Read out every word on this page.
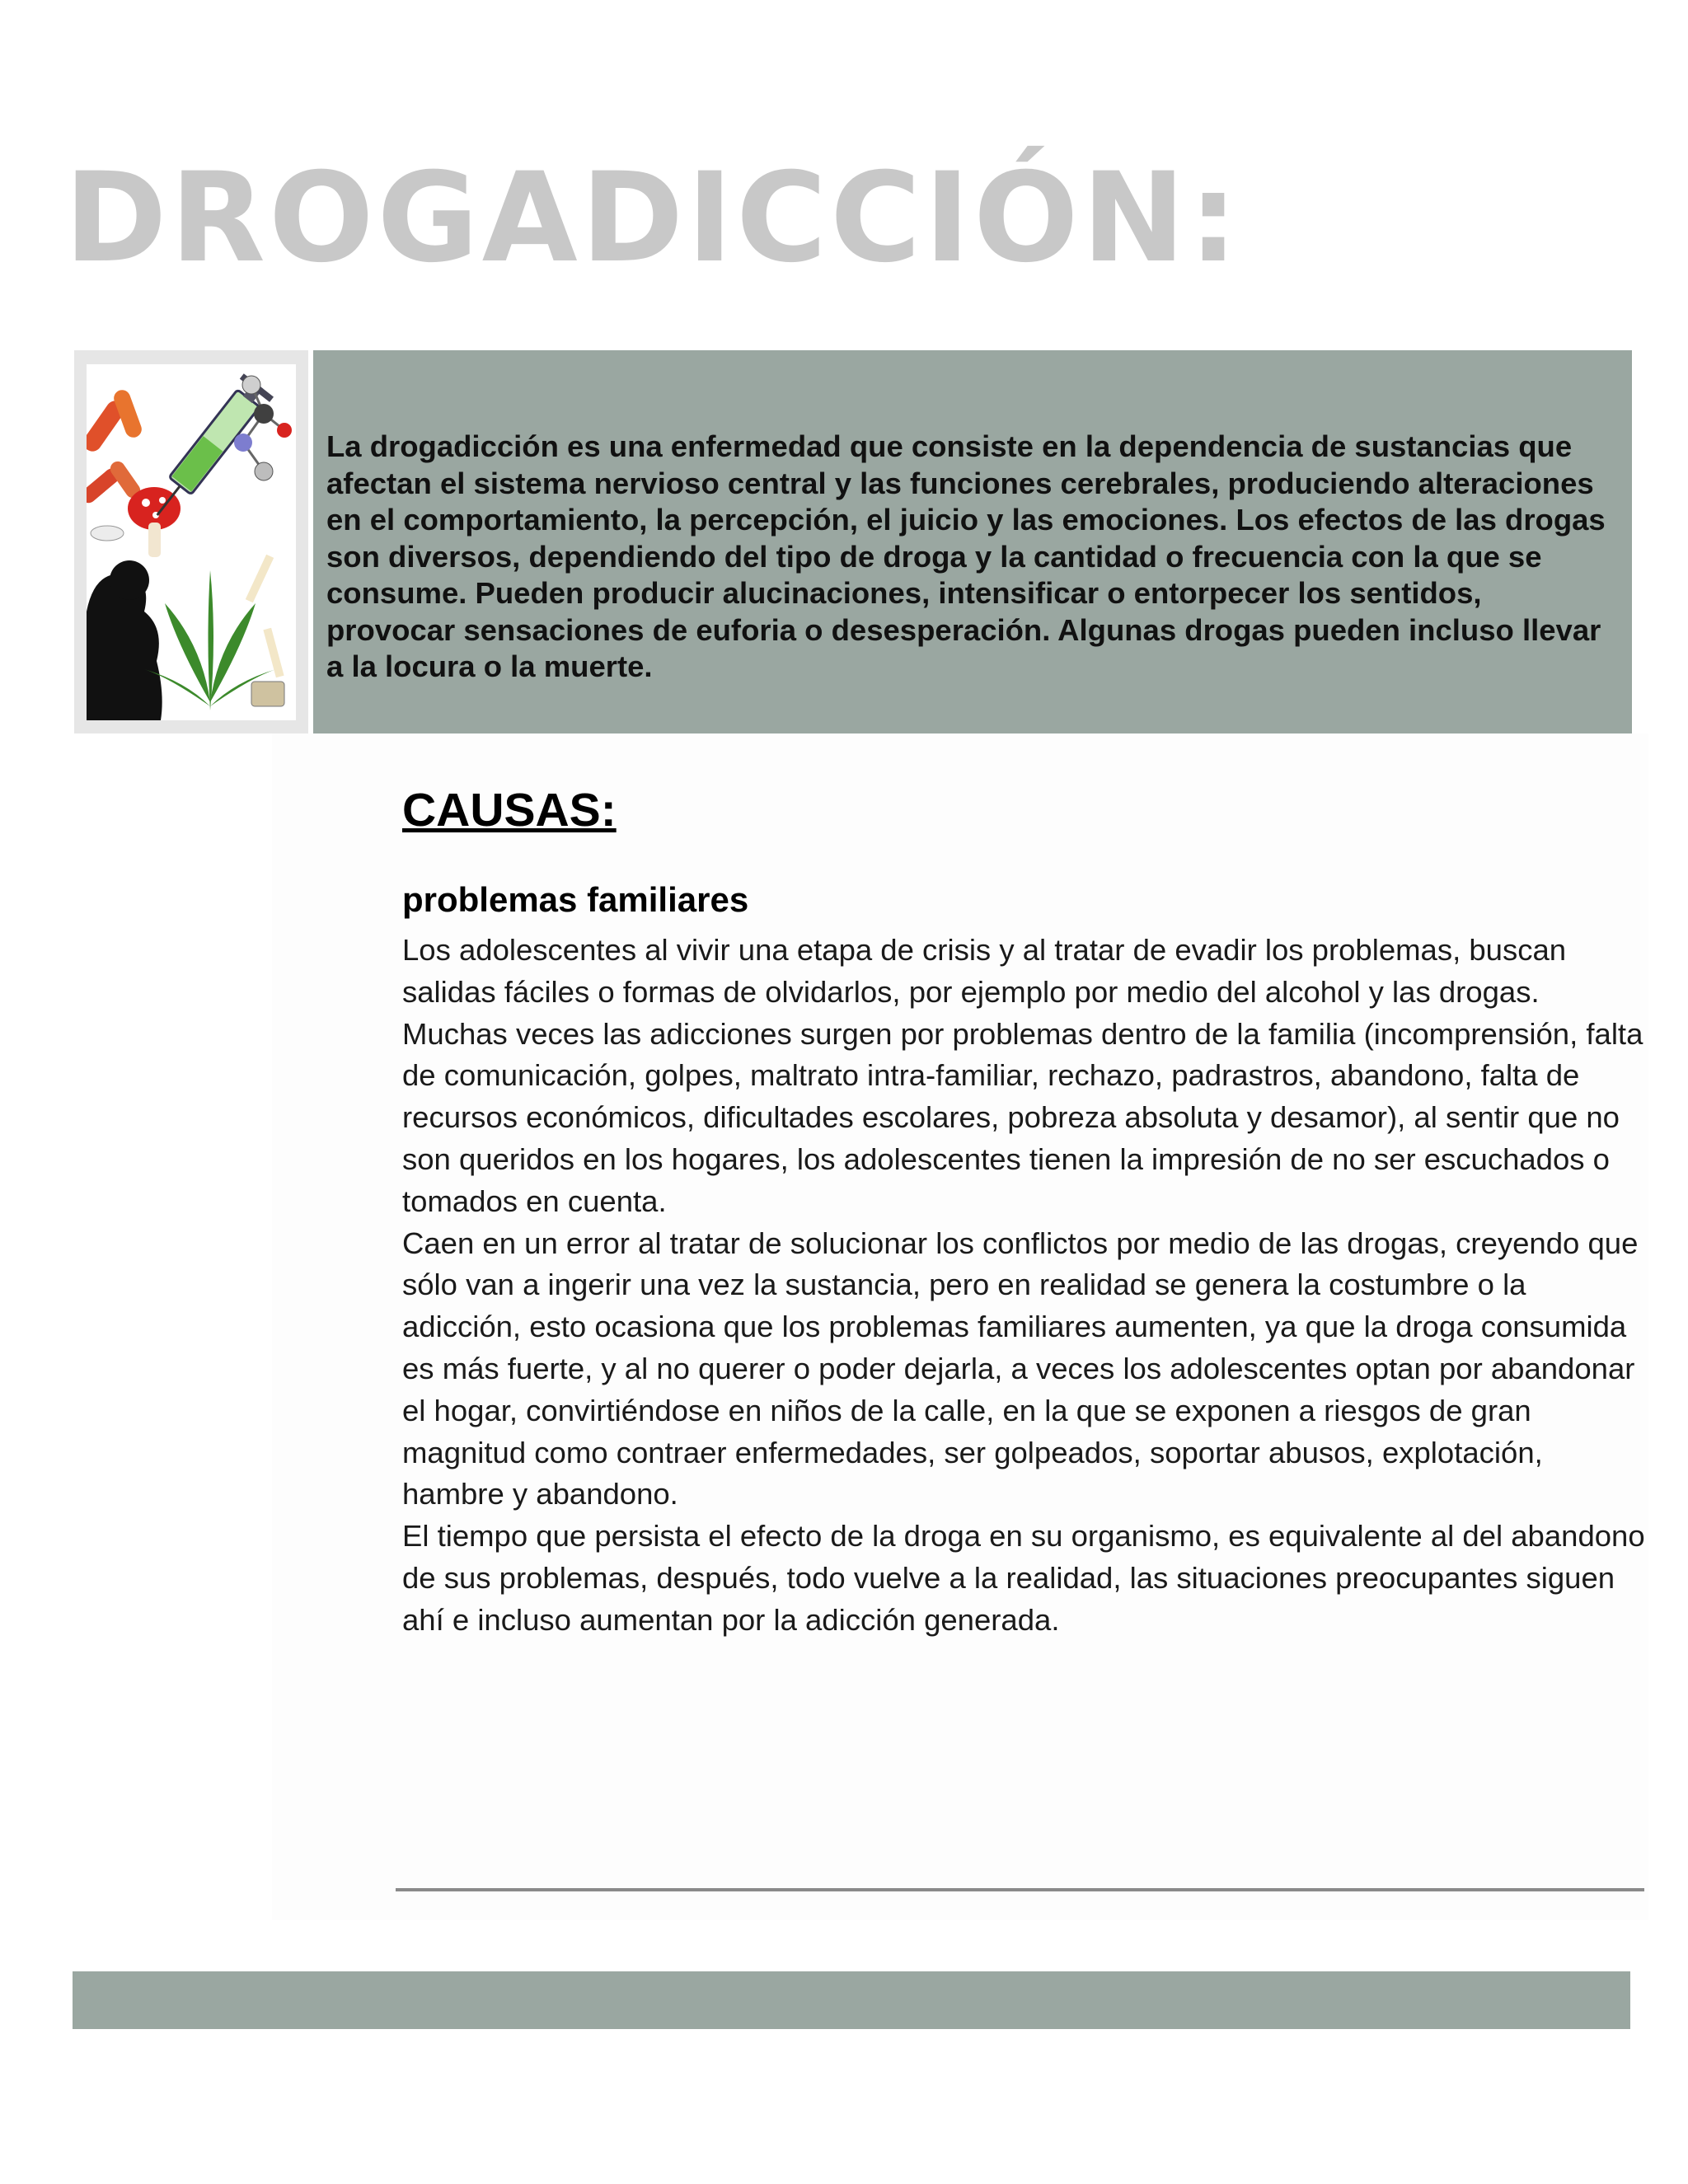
DROGADICCIÓN:

La drogadicción es una enfermedad que consiste en la dependencia de sustancias que afectan el sistema nervioso central y las funciones cerebrales, produciendo alteraciones en el comportamiento, la percepción, el juicio y las emociones. Los efectos de las drogas son diversos, dependiendo del tipo de droga y la cantidad o frecuencia con la que se consume. Pueden producir alucinaciones, intensificar o entorpecer los sentidos, provocar sensaciones de euforia o desesperación. Algunas drogas pueden incluso llevar a la locura o la muerte.

CAUSAS:
problemas familiares

Los adolescentes al vivir una etapa de crisis y al tratar de evadir los problemas, buscan salidas fáciles o formas de olvidarlos, por ejemplo por medio del alcohol y las drogas.

Muchas veces las adicciones surgen por problemas dentro de la familia (incomprensión, falta de comunicación, golpes, maltrato intra-familiar, rechazo, padrastros, abandono, falta de recursos económicos, dificultades escolares, pobreza absoluta y desamor), al sentir que no son queridos en los hogares, los adolescentes tienen la impresión de no ser escuchados o tomados en cuenta.

Caen en un error al tratar de solucionar los conflictos por medio de las drogas, creyendo que sólo van a ingerir una vez la sustancia, pero en realidad se genera la costumbre o la adicción, esto ocasiona que los problemas familiares aumenten, ya que la droga consumida es más fuerte, y al no querer o poder dejarla, a veces los adolescentes optan por abandonar el hogar, convirtiéndose en niños de la calle, en la que se exponen a riesgos de gran magnitud como contraer enfermedades, ser golpeados, soportar abusos, explotación, hambre y abandono.

El tiempo que persista el efecto de la droga en su organismo, es equivalente al del abandono de sus problemas, después, todo vuelve a la realidad, las situaciones preocupantes siguen ahí e incluso aumentan por la adicción generada.
